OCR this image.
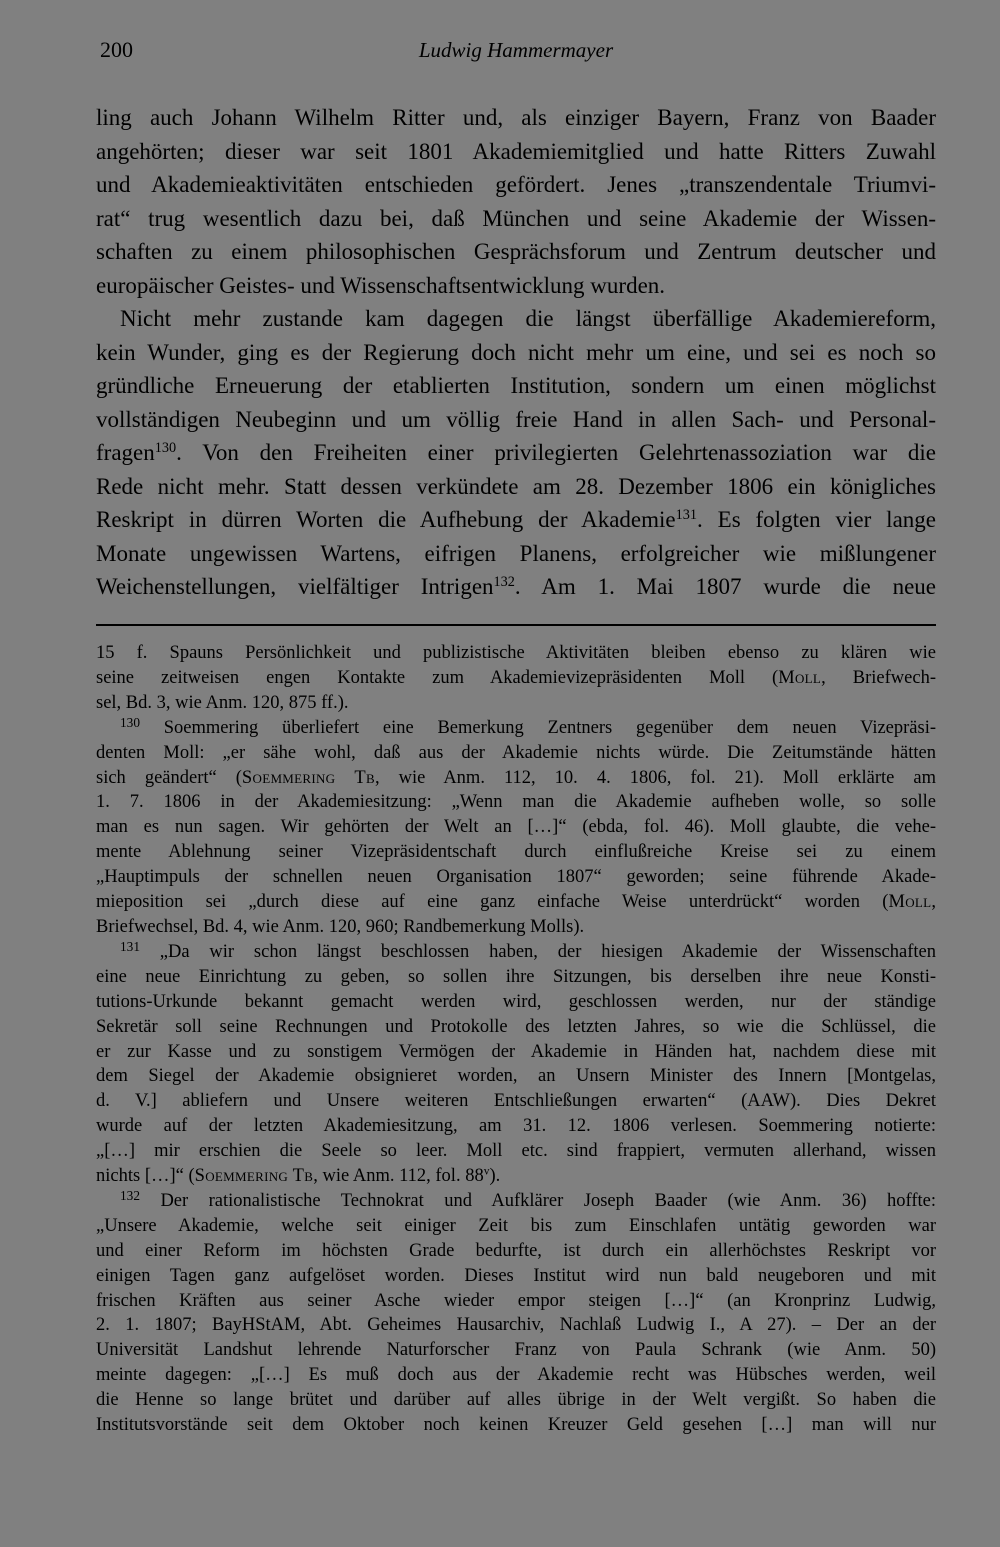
200	Ludwig Hammermayer
ling auch Johann Wilhelm Ritter und, als einziger Bayern, Franz von Baader
angehörten; dieser war seit 1801 Akademiemitglied und hatte Ritters Zuwahl
und Akademieaktivitäten entschieden gefördert. Jenes „transzendentale Triumvi-
rat“ trug wesentlich dazu bei, daß München und seine Akademie der Wissen-
schaften zu einem philosophischen Gesprächsforum und Zentrum deutscher und
europäischer Geistes- und Wissenschaftsentwicklung wurden.
Nicht mehr zustande kam dagegen die längst überfällige Akademiereform,
kein Wunder, ging es der Regierung doch nicht mehr um eine, und sei es noch so
gründliche Erneuerung der etablierten Institution, sondern um einen möglichst
vollständigen Neubeginn und um völlig freie Hand in allen Sach- und Personal-
fragen$^{130}$. Von den Freiheiten einer privilegierten Gelehrtenassoziation war die
Rede nicht mehr. Statt dessen verkündete am 28. Dezember 1806 ein königliches
Reskript in dürren Worten die Aufhebung der Akademie$^{131}$. Es folgten vier lange
Monate ungewissen Wartens, eifrigen Planens, erfolgreicher wie mißlungener
Weichenstellungen, vielfältiger Intrigen$^{132}$. Am 1. Mai 1807 wurde die neue
15 f. Spauns Persönlichkeit und publizistische Aktivitäten bleiben ebenso zu klären wie
seine zeitweisen engen Kontakte zum Akademievizepräsidenten Moll (Moll, Briefwech-
sel, Bd. 3, wie Anm. 120, 875 ff.).
$^{130}$ Soemmering überliefert eine Bemerkung Zentners gegenüber dem neuen Vizepräsi-
denten Moll: „er sähe wohl, daß aus der Akademie nichts würde. Die Zeitumstände hätten
sich geändert“ (Soemmering Tb, wie Anm. 112, 10. 4. 1806, fol. 21). Moll erklärte am
1. 7. 1806 in der Akademiesitzung: „Wenn man die Akademie aufheben wolle, so solle
man es nun sagen. Wir gehörten der Welt an […]“ (ebda, fol. 46). Moll glaubte, die vehe-
mente Ablehnung seiner Vizepräsidentschaft durch einflußreiche Kreise sei zu einem
„Hauptimpuls der schnellen neuen Organisation 1807“ geworden; seine führende Akade-
mieposition sei „durch diese auf eine ganz einfache Weise unterdrückt“ worden (Moll,
Briefwechsel, Bd. 4, wie Anm. 120, 960; Randbemerkung Molls).
$^{131}$ „Da wir schon längst beschlossen haben, der hiesigen Akademie der Wissenschaften
eine neue Einrichtung zu geben, so sollen ihre Sitzungen, bis derselben ihre neue Konsti-
tutions-Urkunde bekannt gemacht werden wird, geschlossen werden, nur der ständige
Sekretär soll seine Rechnungen und Protokolle des letzten Jahres, so wie die Schlüssel, die
er zur Kasse und zu sonstigem Vermögen der Akademie in Händen hat, nachdem diese mit
dem Siegel der Akademie obsignieret worden, an Unsern Minister des Innern [Montgelas,
d. V.] abliefern und Unsere weiteren Entschließungen erwarten“ (AAW). Dies Dekret
wurde auf der letzten Akademiesitzung, am 31. 12. 1806 verlesen. Soemmering notierte:
„[…] mir erschien die Seele so leer. Moll etc. sind frappiert, vermuten allerhand, wissen
nichts […]“ (Soemmering Tb, wie Anm. 112, fol. 88$^v$).
$^{132}$ Der rationalistische Technokrat und Aufklärer Joseph Baader (wie Anm. 36) hoffte:
„Unsere Akademie, welche seit einiger Zeit bis zum Einschlafen untätig geworden war
und einer Reform im höchsten Grade bedurfte, ist durch ein allerhöchstes Reskript vor
einigen Tagen ganz aufgelöset worden. Dieses Institut wird nun bald neugeboren und mit
frischen Kräften aus seiner Asche wieder empor steigen […]“ (an Kronprinz Ludwig,
2. 1. 1807; BayHStAM, Abt. Geheimes Hausarchiv, Nachlaß Ludwig I., A 27). – Der an der
Universität Landshut lehrende Naturforscher Franz von Paula Schrank (wie Anm. 50)
meinte dagegen: „[…] Es muß doch aus der Akademie recht was Hübsches werden, weil
die Henne so lange brütet und darüber auf alles übrige in der Welt vergißt. So haben die
Institutsvorstände seit dem Oktober noch keinen Kreuzer Geld gesehen […] man will nur
